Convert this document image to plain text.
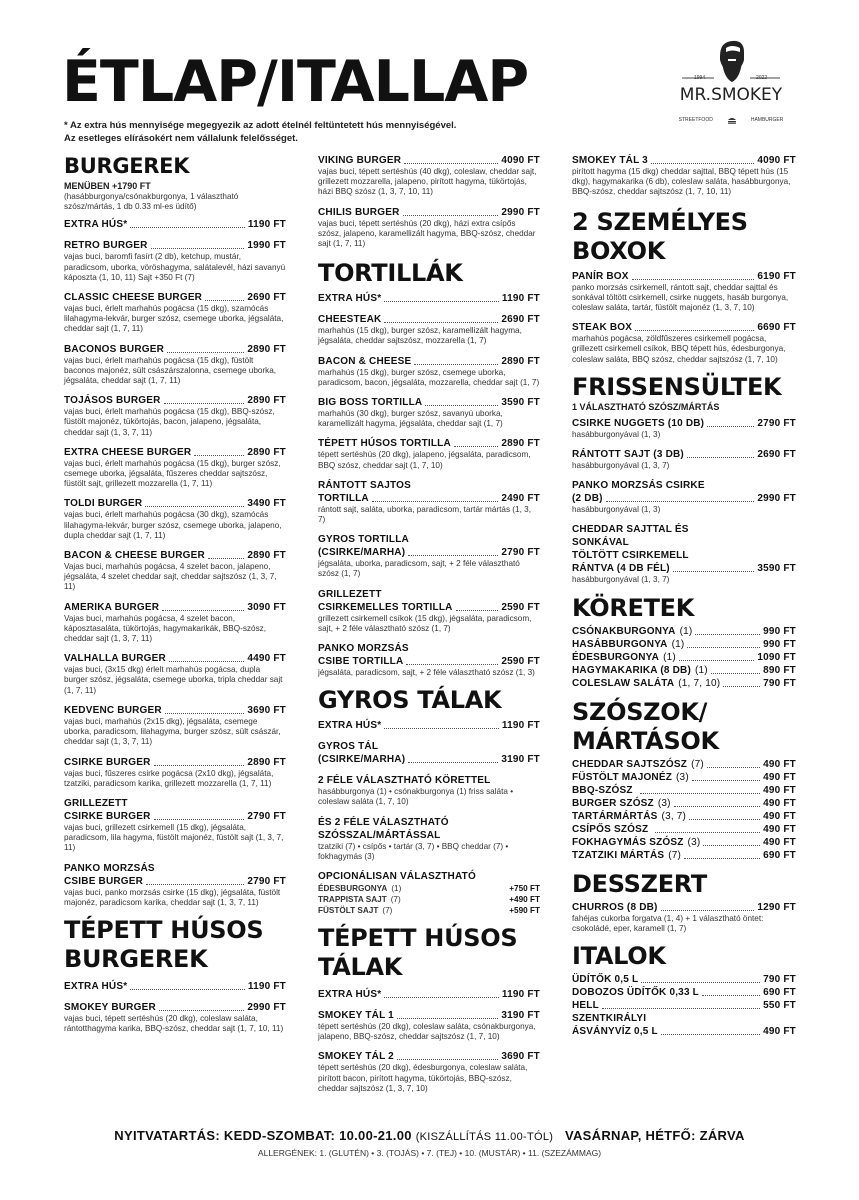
ÉTLAP/ITALLAP
* Az extra hús mennyisége megegyezik az adott ételnél feltüntetett hús mennyiségével.
Az esetleges elírásokért nem vállalunk felelősséget.
1994	2022
MR.SMOKEY
STREETFOOD	HAMBURGER
BURGEREK
MENÜBEN +1790 FT
(hasábburgonya/csónakburgonya, 1 választható szósz/mártás, 1 db 0.33 ml-es üdítő)
EXTRA HÚS*	1190 FT
RETRO BURGER	1990 FT
vajas buci, baromfi fasírt (2 db), ketchup, mustár, paradicsom, uborka, vöröshagyma, salátalevél, házi savanyú káposzta (1, 10, 11) Sajt +350 Ft (7)
CLASSIC CHEESE BURGER	2690 FT
vajas buci, érlelt marhahús pogácsa (15 dkg), szamócás lilahagyma-lekvár, burger szósz, csemege uborka, jégsaláta, cheddar sajt (1, 7, 11)
BACONOS BURGER	2890 FT
vajas buci, érlelt marhahús pogácsa (15 dkg), füstölt baconos majonéz, sült császárszalonna, csemege uborka, jégsaláta, cheddar sajt (1, 7, 11)
TOJÁSOS BURGER	2890 FT
vajas buci, érlelt marhahús pogácsa (15 dkg), BBQ-szósz, füstölt majonéz, tükörtojás, bacon, jalapeno, jégsaláta, cheddar sajt (1, 3, 7, 11)
EXTRA CHEESE BURGER	2890 FT
vajas buci, érlelt marhahús pogácsa (15 dkg), burger szósz, csemege uborka, jégsaláta, fűszeres cheddar sajtszósz, füstölt sajt, grillezett mozzarella (1, 7, 11)
TOLDI BURGER	3490 FT
vajas buci, érlelt marhahús pogácsa (30 dkg), szamócás lilahagyma-lekvár, burger szósz, csemege uborka, jalapeno, dupla cheddar sajt (1, 7, 11)
BACON & CHEESE BURGER	2890 FT
Vajas buci, marhahús pogácsa, 4 szelet bacon, jalapeno, jégsaláta, 4 szelet cheddar sajt, cheddar sajtszósz (1, 3, 7, 11)
AMERIKA BURGER	3090 FT
Vajas buci, marhahús pogácsa, 4 szelet bacon, káposztasaláta, tükörtojás, hagymakarikák, BBQ-szósz, cheddar sajt (1, 3, 7, 11)
VALHALLA BURGER	4490 FT
vajas buci, (3x15 dkg) érlelt marhahús pogácsa, dupla burger szósz, jégsaláta, csemege uborka, tripla cheddar sajt (1, 7, 11)
KEDVENC BURGER	3690 FT
vajas buci, marhahús (2x15 dkg), jégsaláta, csemege uborka, paradicsom, lilahagyma, burger szósz, sült császár, cheddar sajt (1, 3, 7, 11)
CSIRKE BURGER	2890 FT
vajas buci, fűszeres csirke pogácsa (2x10 dkg), jégsaláta, tzatziki, paradicsom karika, grillezett mozzarella (1, 7, 11)
GRILLEZETT
CSIRKE BURGER	2790 FT
vajas buci, grillezett csirkemell (15 dkg), jégsaláta, paradicsom, lila hagyma, füstölt majonéz, füstölt sajt (1, 3, 7, 11)
PANKO MORZSÁS
CSIBE BURGER	2790 FT
vajas buci, panko morzsás csirke (15 dkg), jégsaláta, füstölt majonéz, paradicsom karika, cheddar sajt (1, 3, 7, 11)
TÉPETT HÚSOS
BURGEREK
EXTRA HÚS*	1190 FT
SMOKEY BURGER	2990 FT
vajas buci, tépett sertéshús (20 dkg), coleslaw saláta, rántotthagyma karika, BBQ-szósz, cheddar sajt (1, 7, 10, 11)
VIKING BURGER	4090 FT
vajas buci, tépett sertéshús (40 dkg), coleslaw, cheddar sajt, grillezett mozzarella, jalapeno, pirított hagyma, tükörtojás, házi BBQ szósz (1, 3, 7, 10, 11)
CHILIS BURGER	2990 FT
vajas buci, tépett sertéshús (20 dkg), házi extra csípős szósz, jalapeno, karamellizált hagyma, BBQ-szósz, cheddar sajt (1, 7, 11)
TORTILLÁK
EXTRA HÚS*	1190 FT
CHEESTEAK	2690 FT
marhahús (15 dkg), burger szósz, karamellizált hagyma, jégsaláta, cheddar sajtszósz, mozzarella (1, 7)
BACON & CHEESE	2890 FT
marhahús (15 dkg), burger szósz, csemege uborka, paradicsom, bacon, jégsaláta, mozzarella, cheddar sajt (1, 7)
BIG BOSS TORTILLA	3590 FT
marhahús (30 dkg), burger szósz, savanyú uborka, karamellizált hagyma, jégsaláta, cheddar sajt (1, 7)
TÉPETT HÚSOS TORTILLA	2890 FT
tépett sertéshús (20 dkg), jalapeno, jégsaláta, paradicsom, BBQ szósz, cheddar sajt (1, 7, 10)
RÁNTOTT SAJTOS
TORTILLA	2490 FT
rántott sajt, saláta, uborka, paradicsom, tartár mártás (1, 3, 7)
GYROS TORTILLA
(CSIRKE/MARHA)	2790 FT
jégsaláta, uborka, paradicsom, sajt, + 2 féle választható szósz (1, 7)
GRILLEZETT
CSIRKEMELLES TORTILLA	2590 FT
grillezett csirkemell csíkok (15 dkg), jégsaláta, paradicsom, sajt, + 2 féle választható szósz (1, 7)
PANKO MORZSÁS
CSIBE TORTILLA	2590 FT
jégsaláta, paradicsom, sajt, + 2 féle választható szósz (1, 3)
GYROS TÁLAK
EXTRA HÚS*	1190 FT
GYROS TÁL
(CSIRKE/MARHA)	3190 FT
2 FÉLE VÁLASZTHATÓ KÖRETTEL
hasábburgonya (1) • csónakburgonya (1) friss saláta • coleslaw saláta (1, 7, 10)
ÉS 2 FÉLE VÁLASZTHATÓ SZÓSSZAL/MÁRTÁSSAL
tzatziki (7) • csípős • tartár (3, 7) • BBQ cheddar (7) • fokhagymás (3)
OPCIONÁLISAN VÁLASZTHATÓ
ÉDESBURGONYA (1)	+750 FT
TRAPPISTA SAJT (7)	+490 FT
FÜSTÖLT SAJT (7)	+590 FT
TÉPETT HÚSOS
TÁLAK
EXTRA HÚS*	1190 FT
SMOKEY TÁL 1	3190 FT
tépett sertéshús (20 dkg), coleslaw saláta, csónakburgonya, jalapeno, BBQ-szósz, cheddar sajtszósz (1, 7, 10)
SMOKEY TÁL 2	3690 FT
tépett sertéshús (20 dkg), édesburgonya, coleslaw saláta, pirított bacon, pirított hagyma, tükörtojás, BBQ-szósz, cheddar sajtszósz (1, 3, 7, 10)
SMOKEY TÁL 3	4090 FT
pirított hagyma (15 dkg) cheddar sajttal, BBQ tépett hús (15 dkg), hagymakarika (6 db), coleslaw saláta, hasábburgonya, BBQ-szósz, cheddar sajtszósz (1, 7, 10, 11)
2 SZEMÉLYES
BOXOK
PANÍR BOX	6190 FT
panko morzsás csirkemell, rántott sajt, cheddar sajttal és sonkával töltött csirkemell, csirke nuggets, hasáb burgonya, coleslaw saláta, tartár, füstölt majonéz (1, 3, 7, 10)
STEAK BOX	6690 FT
marhahús pogácsa, zöldfűszeres csirkemell pogácsa, grillezett csirkemell csíkok, BBQ tépett hús, édesburgonya, coleslaw saláta, BBQ szósz, cheddar sajtszósz (1, 7, 10)
FRISSENSÜLTEK
1 VÁLASZTHATÓ SZÓSZ/MÁRTÁS
CSIRKE NUGGETS (10 DB)	2790 FT
hasábburgonyával (1, 3)
RÁNTOTT SAJT (3 DB)	2690 FT
hasábburgonyával (1, 3, 7)
PANKO MORZSÁS CSIRKE
(2 DB)	2990 FT
hasábburgonyával (1, 3)
CHEDDAR SAJTTAL ÉS
SONKÁVAL
TÖLTÖTT CSIRKEMELL
RÁNTVA (4 DB FÉL)	3590 FT
hasábburgonyával (1, 3, 7)
KÖRETEK
CSÓNAKBURGONYA (1)	990 FT
HASÁBBURGONYA (1)	990 FT
ÉDESBURGONYA (1)	1090 FT
HAGYMAKARIKA (8 DB) (1)	890 FT
COLESLAW SALÁTA (1, 7, 10)	790 FT
SZÓSZOK/
MÁRTÁSOK
CHEDDAR SAJTSZÓSZ (7)	490 FT
FÜSTÖLT MAJONÉZ (3)	490 FT
BBQ-SZÓSZ	490 FT
BURGER SZÓSZ (3)	490 FT
TARTÁRMÁRTÁS (3, 7)	490 FT
CSÍPŐS SZÓSZ	490 FT
FOKHAGYMÁS SZÓSZ (3)	490 FT
TZATZIKI MÁRTÁS (7)	690 FT
DESSZERT
CHURROS (8 DB)	1290 FT
fahéjas cukorba forgatva (1, 4) + 1 választható öntet: csokoládé, eper, karamell (1, 7)
ITALOK
ÜDÍTŐK 0,5 L	790 FT
DOBOZOS ÜDÍTŐK 0,33 L	690 FT
HELL	550 FT
SZENTKIRÁLYI
ÁSVÁNYVÍZ 0,5 L	490 FT
NYITVATARTÁS: KEDD-SZOMBAT: 10.00-21.00 (KISZÁLLÍTÁS 11.00-TÓL) VASÁRNAP, HÉTFŐ: ZÁRVA
ALLERGÉNEK: 1. (GLUTÉN) • 3. (TOJÁS) • 7. (TEJ) • 10. (MUSTÁR) • 11. (SZEZÁMMAG)
